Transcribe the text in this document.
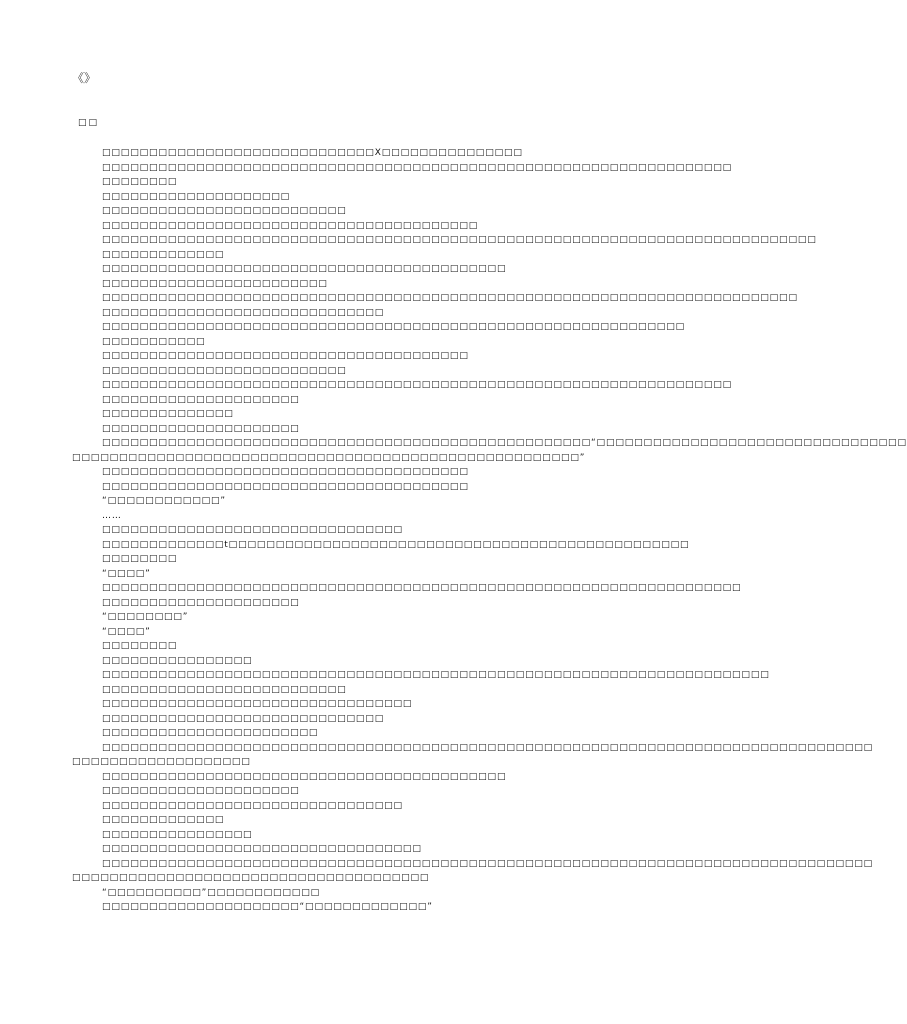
《》
□□
□□□□□□□□□□□□□□□□□□□□□□□□□□□□□X□□□□□□□□□□□□□□□
□□□□□□□□□□□□□□□□□□□□□□□□□□□□□□□□□□□□□□□□□□□□□□□□□□□□□□□□□□□□□□□□□□□
□□□□□□□□
□□□□□□□□□□□□□□□□□□□□
□□□□□□□□□□□□□□□□□□□□□□□□□□
□□□□□□□□□□□□□□□□□□□□□□□□□□□□□□□□□□□□□□□□
□□□□□□□□□□□□□□□□□□□□□□□□□□□□□□□□□□□□□□□□□□□□□□□□□□□□□□□□□□□□□□□□□□□□□□□□□□□□
□□□□□□□□□□□□□
□□□□□□□□□□□□□□□□□□□□□□□□□□□□□□□□□□□□□□□□□□□
□□□□□□□□□□□□□□□□□□□□□□□□
□□□□□□□□□□□□□□□□□□□□□□□□□□□□□□□□□□□□□□□□□□□□□□□□□□□□□□□□□□□□□□□□□□□□□□□□□□
□□□□□□□□□□□□□□□□□□□□□□□□□□□□□□
□□□□□□□□□□□□□□□□□□□□□□□□□□□□□□□□□□□□□□□□□□□□□□□□□□□□□□□□□□□□□□
□□□□□□□□□□□
□□□□□□□□□□□□□□□□□□□□□□□□□□□□□□□□□□□□□□□
□□□□□□□□□□□□□□□□□□□□□□□□□□
□□□□□□□□□□□□□□□□□□□□□□□□□□□□□□□□□□□□□□□□□□□□□□□□□□□□□□□□□□□□□□□□□□□
□□□□□□□□□□□□□□□□□□□□□
□□□□□□□□□□□□□□
□□□□□□□□□□□□□□□□□□□□□
□□□□□□□□□□□□□□□□□□□□□□□□□□□□□□□□□□□□□□□□□□□□□□□□□□□□“□□□□□□□□□□□□□□□□□□□□□□□□□□□□□□□□□
□□□□□□□□□□□□□□□□□□□□□□□□□□□□□□□□□□□□□□□□□□□□□□□□□□□□□□”
□□□□□□□□□□□□□□□□□□□□□□□□□□□□□□□□□□□□□□□
□□□□□□□□□□□□□□□□□□□□□□□□□□□□□□□□□□□□□□□
“□□□□□□□□□□□□”
……
□□□□□□□□□□□□□□□□□□□□□□□□□□□□□□□□
□□□□□□□□□□□□□t□□□□□□□□□□□□□□□□□□□□□□□□□□□□□□□□□□□□□□□□□□□□□□□□□
□□□□□□□□
“□□□□”
□□□□□□□□□□□□□□□□□□□□□□□□□□□□□□□□□□□□□□□□□□□□□□□□□□□□□□□□□□□□□□□□□□□□
□□□□□□□□□□□□□□□□□□□□□
“□□□□□□□□”
“□□□□”
□□□□□□□□
□□□□□□□□□□□□□□□□
□□□□□□□□□□□□□□□□□□□□□□□□□□□□□□□□□□□□□□□□□□□□□□□□□□□□□□□□□□□□□□□□□□□□□□□
□□□□□□□□□□□□□□□□□□□□□□□□□□
□□□□□□□□□□□□□□□□□□□□□□□□□□□□□□□□□
□□□□□□□□□□□□□□□□□□□□□□□□□□□□□□
□□□□□□□□□□□□□□□□□□□□□□□
□□□□□□□□□□□□□□□□□□□□□□□□□□□□□□□□□□□□□□□□□□□□□□□□□□□□□□□□□□□□□□□□□□□□□□□□□□□□□□□□□□
□□□□□□□□□□□□□□□□□□□
□□□□□□□□□□□□□□□□□□□□□□□□□□□□□□□□□□□□□□□□□□□
□□□□□□□□□□□□□□□□□□□□□
□□□□□□□□□□□□□□□□□□□□□□□□□□□□□□□□
□□□□□□□□□□□□□
□□□□□□□□□□□□□□□□
□□□□□□□□□□□□□□□□□□□□□□□□□□□□□□□□□□
□□□□□□□□□□□□□□□□□□□□□□□□□□□□□□□□□□□□□□□□□□□□□□□□□□□□□□□□□□□□□□□□□□□□□□□□□□□□□□□□□□
□□□□□□□□□□□□□□□□□□□□□□□□□□□□□□□□□□□□□□
“□□□□□□□□□□”□□□□□□□□□□□□
□□□□□□□□□□□□□□□□□□□□□“□□□□□□□□□□□□□”
